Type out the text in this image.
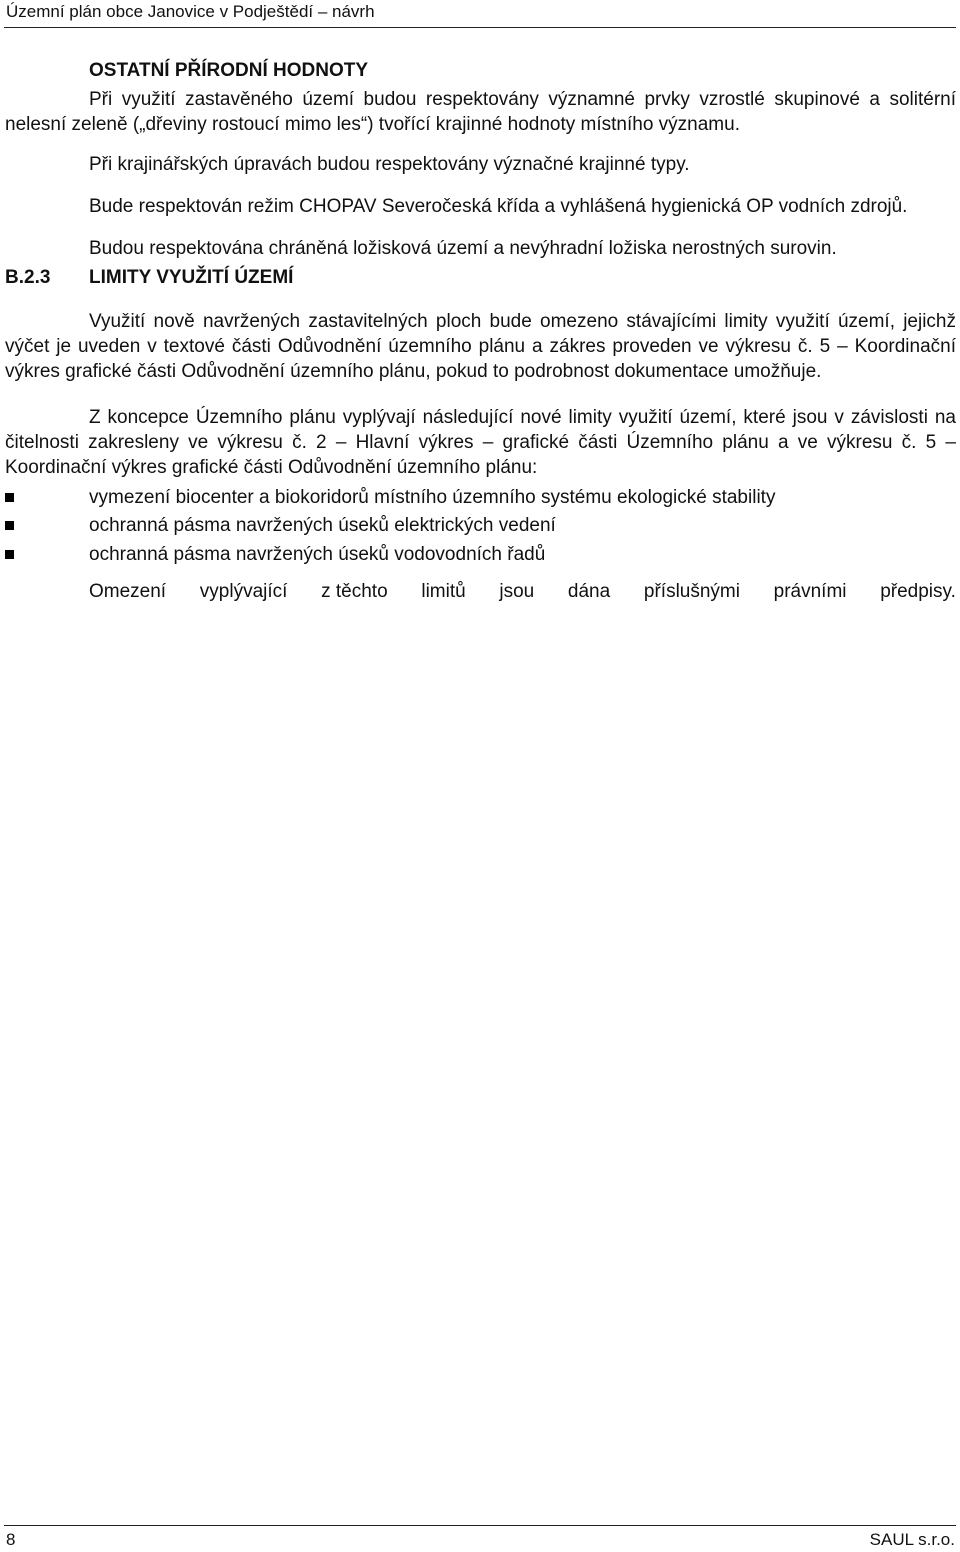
Územní plán obce Janovice v Podještědí – návrh
OSTATNÍ PŘÍRODNÍ HODNOTY

Při využití zastavěného území budou respektovány významné prvky vzrostlé skupinové a solitérní nelesní zeleně („dřeviny rostoucí mimo les“) tvořící krajinné hodnoty místního významu.

Při krajinářských úpravách budou respektovány význačné krajinné typy.

Bude respektován režim CHOPAV Severočeská křída a vyhlášená hygienická OP vodních zdrojů.

Budou respektována chráněná ložisková území a nevýhradní ložiska nerostných surovin.

B.2.3	LIMITY VYUŽITÍ ÚZEMÍ

Využití nově navržených zastavitelných ploch bude omezeno stávajícími limity využití území, jejichž výčet je uveden v textové části Odůvodnění územního plánu a zákres proveden ve výkresu č. 5 – Koordinační výkres grafické části Odůvodnění územního plánu, pokud to podrobnost dokumentace umožňuje.

Z koncepce Územního plánu vyplývají následující nové limity využití území, které jsou v závislosti na čitelnosti zakresleny ve výkresu č. 2 – Hlavní výkres – grafické části Územního plánu a ve výkresu č. 5 – Koordinační výkres grafické části Odůvodnění územního plánu:

vymezení biocenter a biokoridorů místního územního systému ekologické stability
ochranná pásma navržených úseků elektrických vedení
ochranná pásma navržených úseků vodovodních řadů
Omezení vyplývající z těchto limitů jsou dána příslušnými právními předpisy.
8	SAUL s.r.o.
